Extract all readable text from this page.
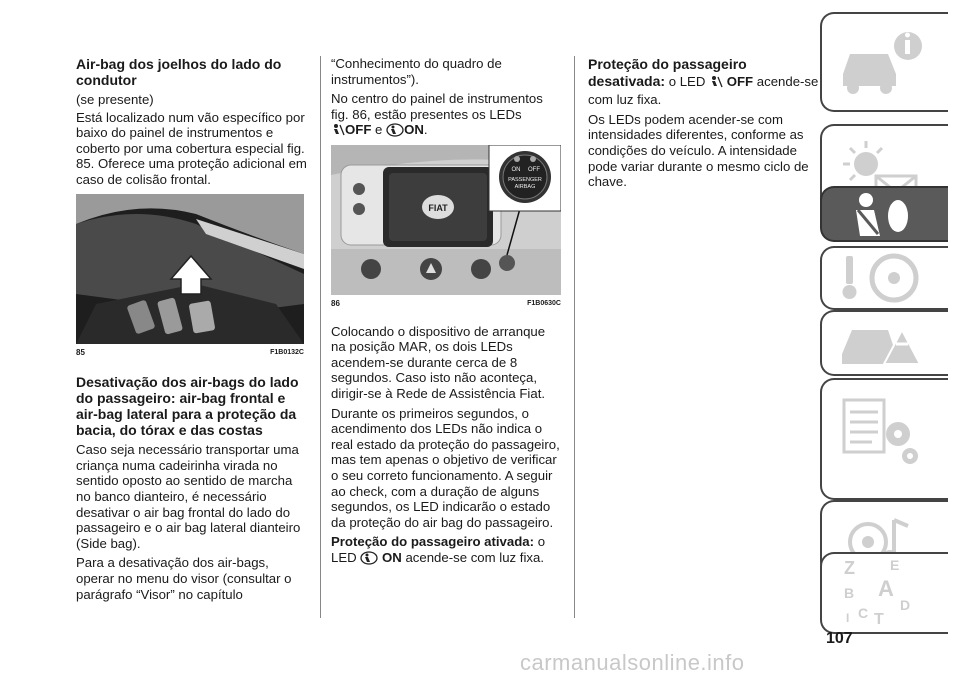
Air-bag dos joelhos do lado do condutor

(se presente)

Está localizado num vão específico por baixo do painel de instrumentos e coberto por uma cobertura especial fig. 85. Oferece uma proteção adicional em caso de colisão frontal.

85	F1B0132C

Desativação dos air-bags do lado do passageiro: air-bag frontal e air-bag lateral para a proteção da bacia, do tórax e das costas

Caso seja necessário transportar uma criança numa cadeirinha virada no sentido oposto ao sentido de marcha no banco dianteiro, é necessário desativar o air bag frontal do lado do passageiro e o air bag lateral dianteiro (Side bag).

Para a desativação dos air-bags, operar no menu do visor (consultar o parágrafo “Visor” no capítulo

“Conhecimento do quadro de instrumentos”).

No centro do painel de instrumentos fig. 86, estão presentes os LEDs
OFF e ON.

FIAT
ON OFF
PASSENGER
AIRBAG
86	F1B0630C

Colocando o dispositivo de arranque na posição MAR, os dois LEDs acendem-se durante cerca de 8 segundos. Caso isto não aconteça, dirigir-se à Rede de Assistência Fiat.

Durante os primeiros segundos, o acendimento dos LEDs não indica o real estado da proteção do passageiro, mas tem apenas o objetivo de verificar o seu correto funcionamento. A seguir ao check, com a duração de alguns segundos, os LED indicarão o estado da proteção do air bag do passageiro.

Proteção do passageiro ativada: o
LED ON acende-se com luz fixa.

Proteção do passageiro desativada: o LED OFF acende-se com luz fixa.

Os LEDs podem acender-se com intensidades diferentes, conforme as condições do veículo. A intensidade pode variar durante o mesmo ciclo de chave.

Z	E
B A
C D
I T
107
carmanualsonline.info
